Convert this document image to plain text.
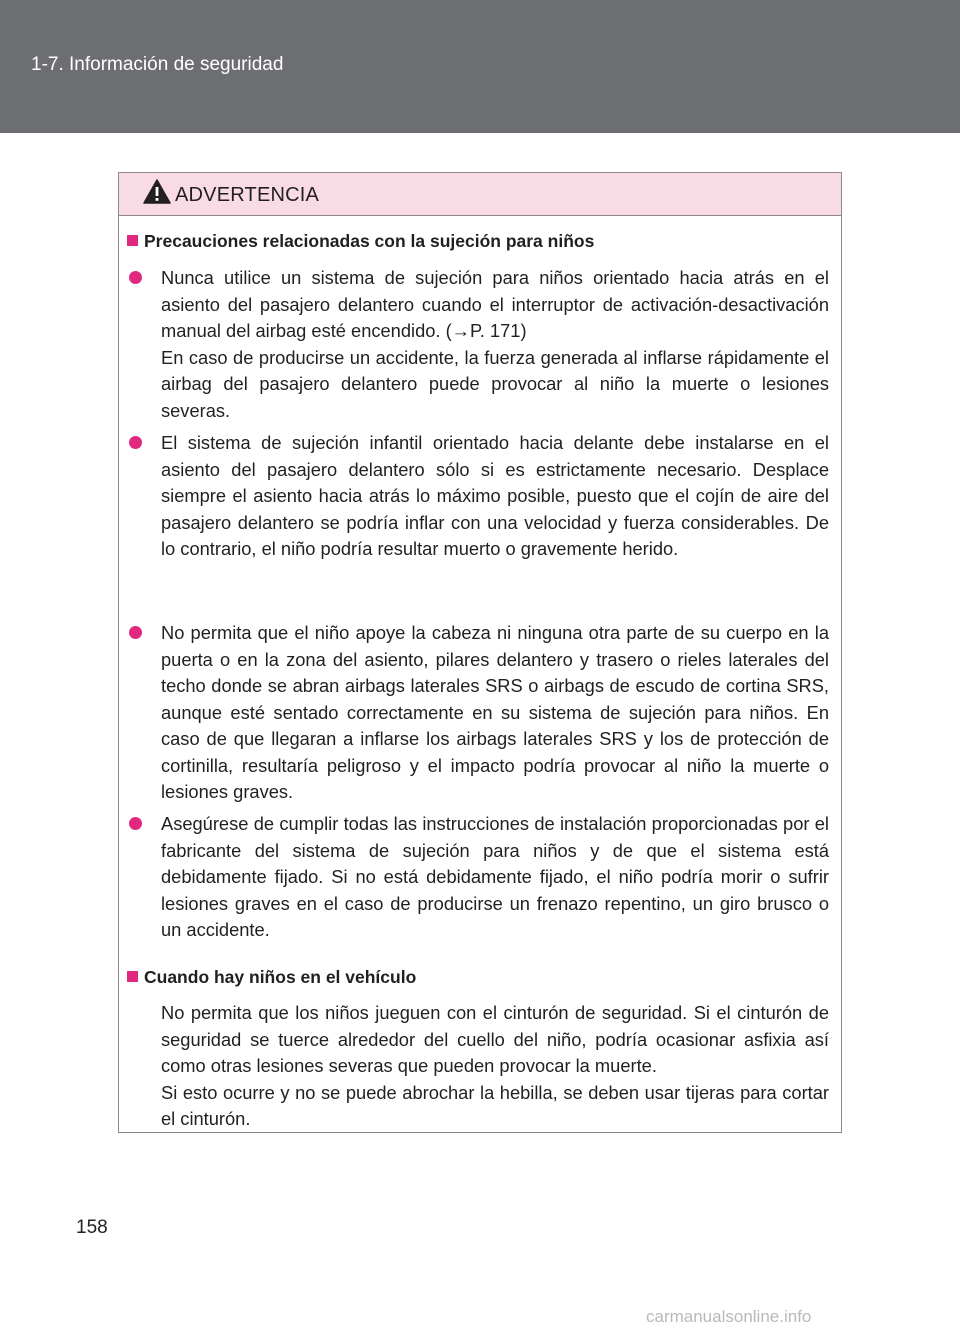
1-7. Información de seguridad
ADVERTENCIA
Precauciones relacionadas con la sujeción para niños
Nunca utilice un sistema de sujeción para niños orientado hacia atrás en el asiento del pasajero delantero cuando el interruptor de activación-desactivación manual del airbag esté encendido. (→P. 171)
En caso de producirse un accidente, la fuerza generada al inflarse rápidamente el airbag del pasajero delantero puede provocar al niño la muerte o lesiones severas.
El sistema de sujeción infantil orientado hacia delante debe instalarse en el asiento del pasajero delantero sólo si es estrictamente necesario. Desplace siempre el asiento hacia atrás lo máximo posible, puesto que el cojín de aire del pasajero delantero se podría inflar con una velocidad y fuerza considerables. De lo contrario, el niño podría resultar muerto o gravemente herido.
No permita que el niño apoye la cabeza ni ninguna otra parte de su cuerpo en la puerta o en la zona del asiento, pilares delantero y trasero o rieles laterales del techo donde se abran airbags laterales SRS o airbags de escudo de cortina SRS, aunque esté sentado correctamente en su sistema de sujeción para niños. En caso de que llegaran a inflarse los airbags laterales SRS y los de protección de cortinilla, resultaría peligroso y el impacto podría provocar al niño la muerte o lesiones graves.
Asegúrese de cumplir todas las instrucciones de instalación proporcionadas por el fabricante del sistema de sujeción para niños y de que el sistema está debidamente fijado. Si no está debidamente fijado, el niño podría morir o sufrir lesiones graves en el caso de producirse un frenazo repentino, un giro brusco o un accidente.
Cuando hay niños en el vehículo
No permita que los niños jueguen con el cinturón de seguridad. Si el cinturón de seguridad se tuerce alrededor del cuello del niño, podría ocasionar asfixia así como otras lesiones severas que pueden provocar la muerte.
Si esto ocurre y no se puede abrochar la hebilla, se deben usar tijeras para cortar el cinturón.
158
carmanualsonline.info
